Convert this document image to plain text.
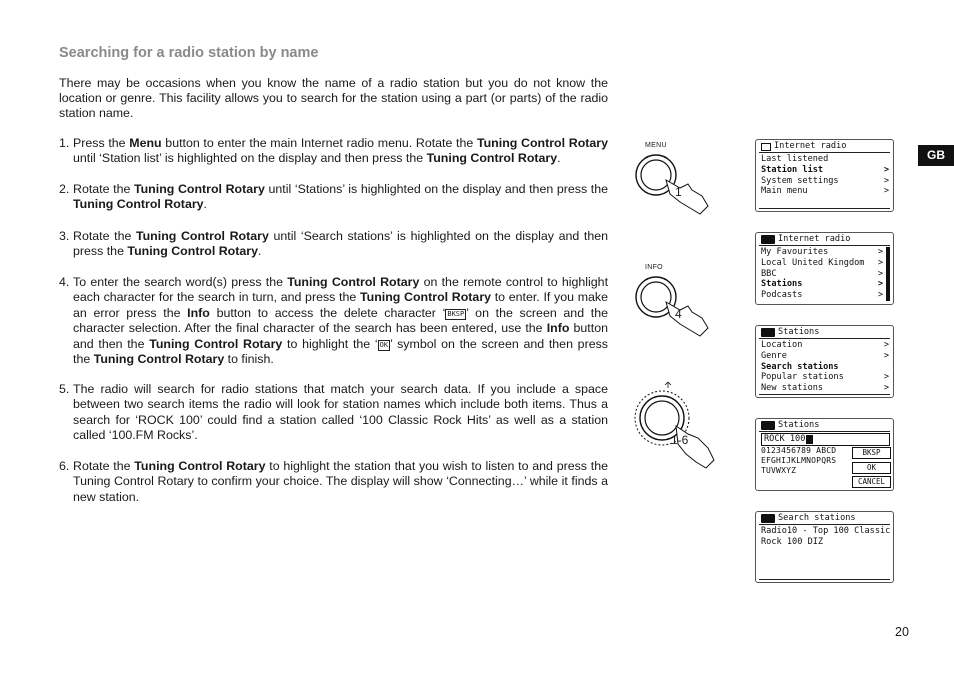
Searching for a radio station by name
There may be occasions when you know the name of a radio station but you do not know the location or genre. This facility allows you to search for the station using a part (or parts) of the radio station name.
1. Press the Menu button to enter the main Internet radio menu. Rotate the Tuning Control Rotary until ‘Station list’ is highlighted on the display and then press the Tuning Control Rotary.
2. Rotate the Tuning Control Rotary until ‘Stations’ is highlighted on the display and then press the Tuning Control Rotary.
3. Rotate the Tuning Control Rotary until ‘Search stations’ is highlighted on the display and then press the Tuning Control Rotary.
4. To enter the search word(s) press the Tuning Control Rotary on the remote control to highlight each character for the search in turn, and press the Tuning Control Rotary to enter. If you make an error press the Info button to access the delete character ‘ BKSP ’ on the screen and the character selection. After the final character of the search has been entered, use the Info button and then the Tuning Control Rotary to highlight the ‘ OK ’ symbol on the screen and then press the Tuning Control Rotary to finish.
5. The radio will search for radio stations that match your search data. If you include a space between two search items the radio will look for station names which include both items. Thus a search for ‘ROCK 100’ could find a station called ‘100 Classic Rock Hits’ as well as a station called ‘100.FM Rocks’.
6. Rotate the Tuning Control Rotary to highlight the station that you wish to listen to and press the Tuning Control Rotary to confirm your choice. The display will show ‘Connecting…’ while it finds a new station.
MENU
1
INFO
4
1-6
Internet radio
Last listened
Station list	>
System settings	>
Main menu	>
Internet radio
My Favourites	>
Local United Kingdom >
BBC	>
Stations	>
Podcasts	>
Stations
Location	>
Genre	>
Search stations
Popular stations	>
New stations	>
Stations
ROCK 100
0123456789 ABCD
EFGHIJKLMNOPQRS
TUVWXYZ
BKSP
OK
CANCEL
Search stations
Radio10 - Top 100 Classic
Rock 100 DIZ
GB
20
